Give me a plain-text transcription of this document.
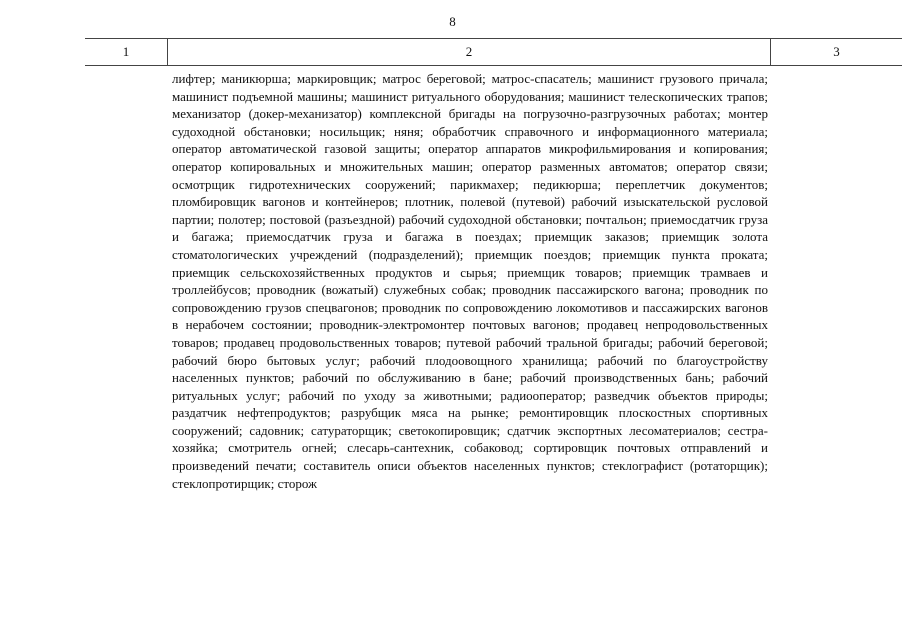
8
1	2	3

лифтер; маникюрша; маркировщик; матрос береговой; матрос-спасатель; машинист грузового причала; машинист подъемной машины; машинист ритуального оборудования; машинист телескопических трапов; механизатор (докер-механизатор) комплексной бригады на погрузочно-разгрузочных работах; монтер судоходной обстановки; носильщик; няня; обработчик справочного и информационного материала; оператор автоматической газовой защиты; оператор аппаратов микрофильмирования и копирования; оператор копировальных и множительных машин; оператор разменных автоматов; оператор связи; осмотрщик гидротехнических сооружений; парикмахер; педикюрша; переплетчик документов; пломбировщик вагонов и контейнеров; плотник, полевой (путевой) рабочий изыскательской русловой партии; полотер; постовой (разъездной) рабочий судоходной обстановки; почтальон; приемосдатчик груза и багажа; приемосдатчик груза и багажа в поездах; приемщик заказов; приемщик золота стоматологических учреждений (подразделений); приемщик поездов; приемщик пункта проката; приемщик сельскохозяйственных продуктов и сырья; приемщик товаров; приемщик трамваев и троллейбусов; проводник (вожатый) служебных собак; проводник пассажирского вагона; проводник по сопровождению грузов спецвагонов; проводник по сопровождению локомотивов и пассажирских вагонов в нерабочем состоянии; проводник-электромонтер почтовых вагонов; продавец непродовольственных товаров; продавец продовольственных товаров; путевой рабочий тральной бригады; рабочий береговой; рабочий бюро бытовых услуг; рабочий плодоовощного хранилища; рабочий по благоустройству населенных пунктов; рабочий по обслуживанию в бане; рабочий производственных бань; рабочий ритуальных услуг; рабочий по уходу за животными; радиооператор; разведчик объектов природы; раздатчик нефтепродуктов; разрубщик мяса на рынке; ремонтировщик плоскостных спортивных сооружений; садовник; сатураторщик; светокопировщик; сдатчик экспортных лесоматериалов; сестра-хозяйка; смотритель огней; слесарь-сантехник, собаковод; сортировщик почтовых отправлений и произведений печати; составитель описи объектов населенных пунктов; стеклографист (ротаторщик); стеклопротирщик; сторож
